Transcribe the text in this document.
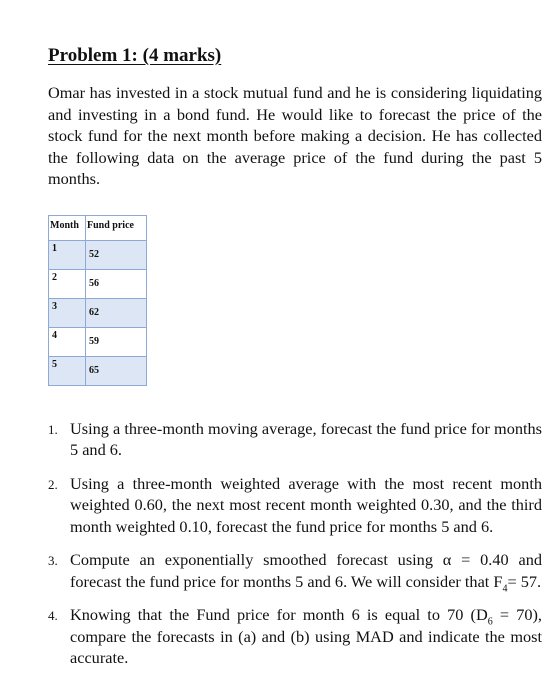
Problem 1: (4 marks)

Omar has invested in a stock mutual fund and he is considering liquidating and investing in a bond fund. He would like to forecast the price of the stock fund for the next month before making a decision. He has collected the following data on the average price of the fund during the past 5 months.

Month	Fund price
1	52
2	56
3	62
4	59
5	65
1. Using a three-month moving average, forecast the fund price for months 5 and 6.
2. Using a three-month weighted average with the most recent month weighted 0.60, the next most recent month weighted 0.30, and the third month weighted 0.10, forecast the fund price for months 5 and 6.
3. Compute an exponentially smoothed forecast using α = 0.40 and forecast the fund price for months 5 and 6. We will consider that $F_4= 57$.
4. Knowing that the Fund price for month 6 is equal to 70 $(D_6 = 70)$, compare the forecasts in (a) and (b) using MAD and indicate the most accurate.
